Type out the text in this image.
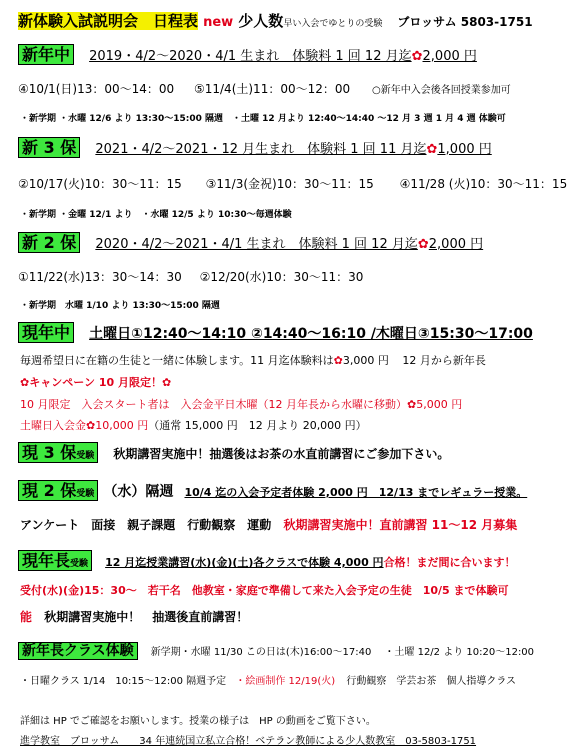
新体験入試説明会　日程表 new 少人数早い入会でゆとりの受験 ブロッサム 5803-1751
新年中 2019・4/2～2020・4/1 生まれ　体験料 1 回 12 月迄✿2,000 円
④10/1(日)13：00～14：00 ⑤11/4(土)11：00～12：00 ○新年中入会後各回授業参加可
・新学期 ・水曜 12/6 より 13:30～15:00 隔週　・土曜 12 月より 12:40～14:40 ～12 月 3 週 1 月 4 週 体験可
新 3 保 2021・4/2～2021・12 月生まれ　体験料 1 回 11 月迄✿1,000 円
②10/17(火)10：30～11：15 ③11/3(金祝)10：30～11：15 ④11/28 (火)10：30～11：15
・新学期 ・金曜 12/1 より　・水曜 12/5 より 10:30～毎週体験
新 2 保 2020・4/2～2021・4/1 生まれ　体験料 1 回 12 月迄✿2,000 円
①11/22(水)13：30～14：30 ②12/20(水)10：30～11：30
・新学期　水曜 1/10 より 13:30～15:00 隔週
現年中 土曜日①12:40～14:10 ②14:40～16:10 /木曜日③15:30～17:00
毎週希望日に在籍の生徒と一緒に体験します。11 月迄体験料は✿3,000 円 12 月から新年長
✿キャンペーン 10 月限定！✿
10 月限定　入会スタート者は　入会金平日木曜（12 月年長から水曜に移動）✿5,000 円
土曜日入会金✿10,000 円（通常 15,000 円　12 月より 20,000 円）
現 3 保受験 秋期講習実施中！抽選後はお茶の水直前講習にご参加下さい。
現 2 保受験 （水）隔週 10/4 迄の入会予定者体験 2,000 円　12/13 までレギュラー授業。
アンケート　面接　親子課題　行動観察　運動 秋期講習実施中！直前講習 11～12 月募集
現年長受験 12 月迄授業講習(水)(金)(土)各クラスで体験 4,000 円合格！まだ間に合います！
受付(水)(金)15：30～　若干名　他教室・家庭で準備して来た入会予定の生徒　10/5 まで体験可
能 秋期講習実施中！　抽選後直前講習！
新年長クラス体験 新学期・水曜 11/30 この日は(木)16:00～17:40 ・土曜 12/2 より 10:20～12:00
・日曜クラス 1/14　10:15～12:00 隔週予定 ・絵画制作 12/19(火) 行動観察　学芸お茶　個人指導クラス
詳細は HP でご確認をお願いします。授業の様子は　HP の動画をご覧下さい。
進学教室　ブロッサム　　34 年連続国立私立合格！ベテラン教師による少人数教室　03-5803-1751
